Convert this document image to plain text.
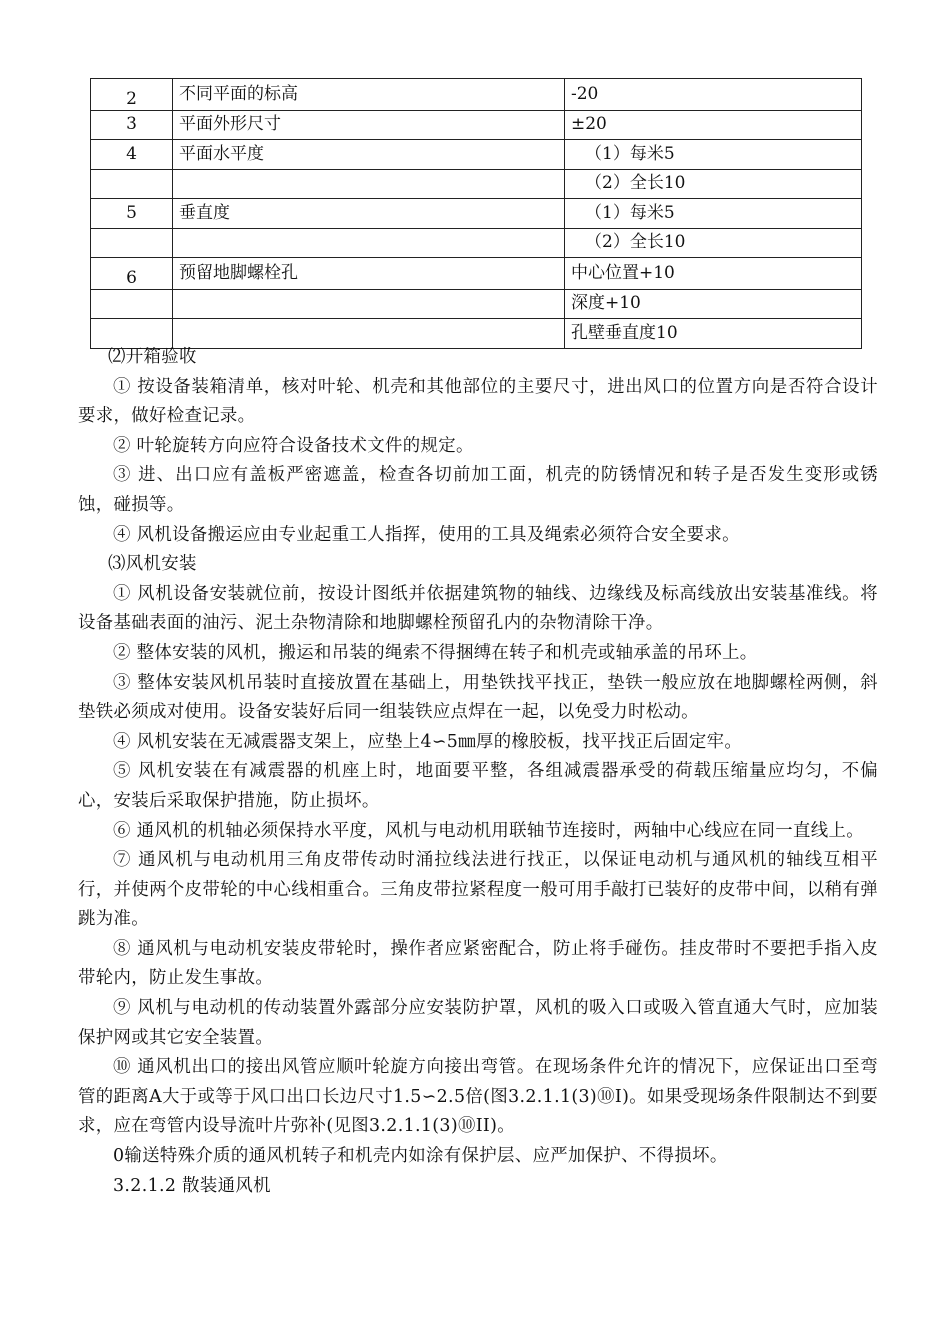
2	不同平面的标高	-20
3	平面外形尺寸	±20
4	平面水平度	（1）每米5
		（2）全长10
5	垂直度	（1）每米5
		（2）全长10
6	预留地脚螺栓孔	中心位置+10
		深度+10
		孔壁垂直度10

⑵开箱验收

① 按设备装箱清单，核对叶轮、机壳和其他部位的主要尺寸，进出风口的位置方向是否符合设计要求，做好检查记录。

② 叶轮旋转方向应符合设备技术文件的规定。

③ 进、出口应有盖板严密遮盖，检查各切前加工面，机壳的防锈情况和转子是否发生变形或锈蚀，碰损等。

④ 风机设备搬运应由专业起重工人指挥，使用的工具及绳索必须符合安全要求。

⑶风机安装

① 风机设备安装就位前，按设计图纸并依据建筑物的轴线、边缘线及标高线放出安装基准线。将设备基础表面的油污、泥土杂物清除和地脚螺栓预留孔内的杂物清除干净。

② 整体安装的风机，搬运和吊装的绳索不得捆缚在转子和机壳或轴承盖的吊环上。

③ 整体安装风机吊装时直接放置在基础上，用垫铁找平找正，垫铁一般应放在地脚螺栓两侧，斜垫铁必须成对使用。设备安装好后同一组装铁应点焊在一起，以免受力时松动。

④ 风机安装在无减震器支架上，应垫上4∽5㎜厚的橡胶板，找平找正后固定牢。

⑤ 风机安装在有减震器的机座上时，地面要平整，各组减震器承受的荷载压缩量应均匀，不偏心，安装后采取保护措施，防止损坏。

⑥ 通风机的机轴必须保持水平度，风机与电动机用联轴节连接时，两轴中心线应在同一直线上。

⑦ 通风机与电动机用三角皮带传动时涌拉线法进行找正，以保证电动机与通风机的轴线互相平行，并使两个皮带轮的中心线相重合。三角皮带拉紧程度一般可用手敲打已装好的皮带中间，以稍有弹跳为准。

⑧ 通风机与电动机安装皮带轮时，操作者应紧密配合，防止将手碰伤。挂皮带时不要把手指入皮带轮内，防止发生事故。

⑨ 风机与电动机的传动装置外露部分应安装防护罩，风机的吸入口或吸入管直通大气时，应加装保护网或其它安全装置。

⑩ 通风机出口的接出风管应顺叶轮旋方向接出弯管。在现场条件允许的情况下，应保证出口至弯管的距离A大于或等于风口出口长边尺寸1.5∽2.5倍(图3.2.1.1(3)⑩I)。如果受现场条件限制达不到要求，应在弯管内设导流叶片弥补(见图3.2.1.1(3)⑩II)。

0输送特殊介质的通风机转子和机壳内如涂有保护层、应严加保护、不得损坏。

3.2.1.2 散装通风机
